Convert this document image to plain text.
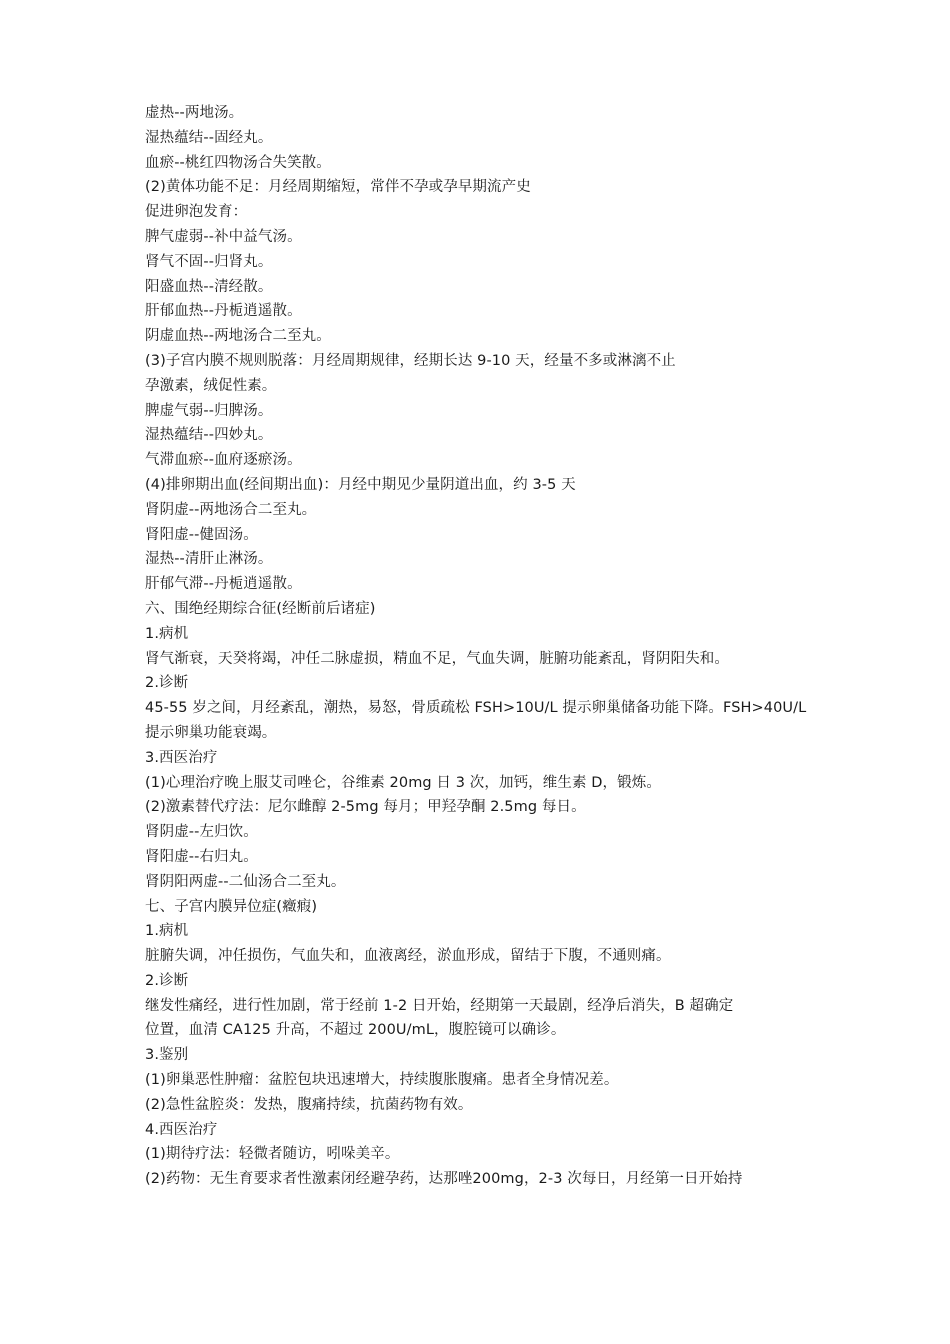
虚热--两地汤。
湿热蕴结--固经丸。
血瘀--桃红四物汤合失笑散。
(2)黄体功能不足：月经周期缩短，常伴不孕或孕早期流产史
促进卵泡发育：
脾气虚弱--补中益气汤。
肾气不固--归肾丸。
阳盛血热--清经散。
肝郁血热--丹栀逍遥散。
阴虚血热--两地汤合二至丸。
(3)子宫内膜不规则脱落：月经周期规律，经期长达 9-10 天，经量不多或淋漓不止
孕激素，绒促性素。
脾虚气弱--归脾汤。
湿热蕴结--四妙丸。
气滞血瘀--血府逐瘀汤。
(4)排卵期出血(经间期出血)：月经中期见少量阴道出血，约 3-5 天
肾阴虚--两地汤合二至丸。
肾阳虚--健固汤。
湿热--清肝止淋汤。
肝郁气滞--丹栀逍遥散。
六、围绝经期综合征(经断前后诸症)
1.病机
肾气渐衰，天癸将竭，冲任二脉虚损，精血不足，气血失调，脏腑功能紊乱，肾阴阳失和。
2.诊断
45-55 岁之间，月经紊乱，潮热，易怒，骨质疏松 FSH>10U/L 提示卵巢储备功能下降。FSH>40U/L
提示卵巢功能衰竭。
3.西医治疗
(1)心理治疗晚上服艾司唑仑，谷维素 20mg 日 3 次，加钙，维生素 D，锻炼。
(2)激素替代疗法：尼尔雌醇 2-5mg 每月；甲羟孕酮 2.5mg 每日。
肾阴虚--左归饮。
肾阳虚--右归丸。
肾阴阳两虚--二仙汤合二至丸。
七、子宫内膜异位症(癥瘕)
1.病机
脏腑失调，冲任损伤，气血失和，血液离经，淤血形成，留结于下腹，不通则痛。
2.诊断
继发性痛经，进行性加剧，常于经前 1-2 日开始，经期第一天最剧，经净后消失，B 超确定
位置，血清 CA125 升高，不超过 200U/mL，腹腔镜可以确诊。
3.鉴别
(1)卵巢恶性肿瘤：盆腔包块迅速增大，持续腹胀腹痛。患者全身情况差。
(2)急性盆腔炎：发热，腹痛持续，抗菌药物有效。
4.西医治疗
(1)期待疗法：轻微者随访，吲哚美辛。
(2)药物：无生育要求者性激素闭经避孕药，达那唑200mg，2-3 次每日，月经第一日开始持
